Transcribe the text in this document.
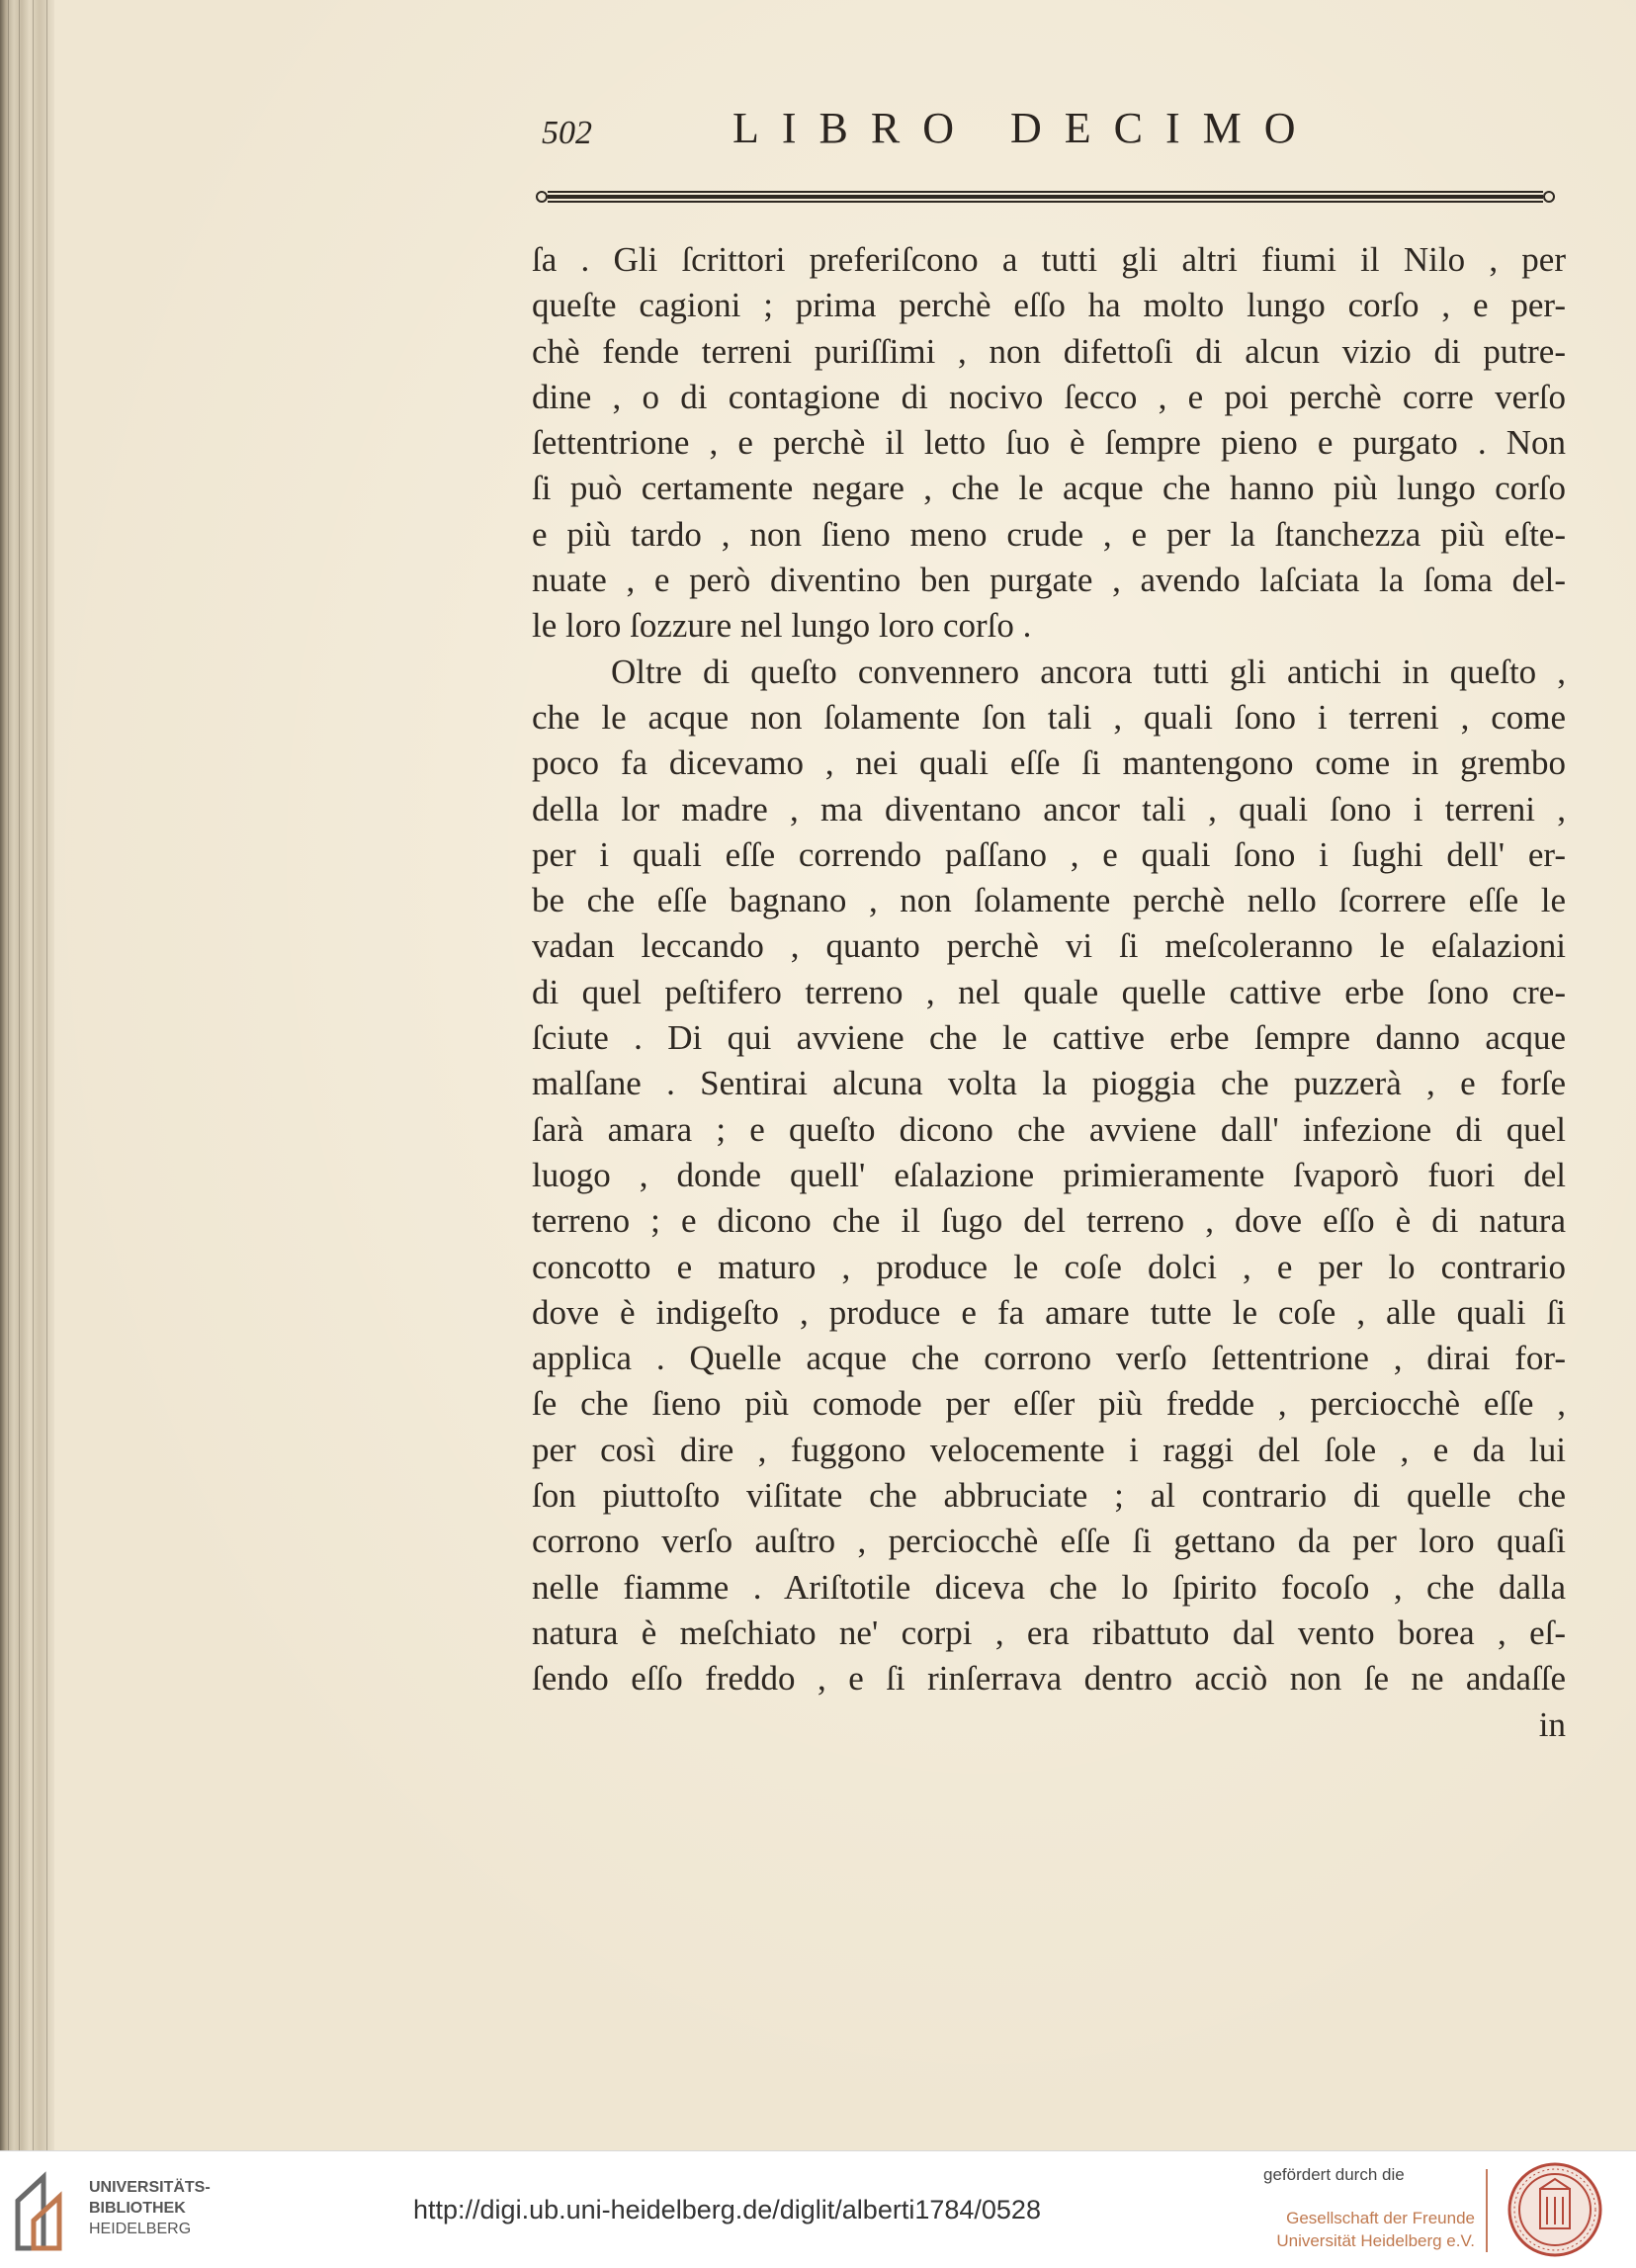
502	LIBRO DECIMO
ſa . Gli ſcrittori preferiſcono a tutti gli altri fiumi il Nilo , per
queſte cagioni ; prima perchè eſſo ha molto lungo corſo , e per-
chè fende terreni puriſſimi , non difettoſi di alcun vizio di putre-
dine , o di contagione di nocivo ſecco , e poi perchè corre verſo
ſettentrione , e perchè il letto ſuo è ſempre pieno e purgato . Non
ſi può certamente negare , che le acque che hanno più lungo corſo
e più tardo , non ſieno meno crude , e per la ſtanchezza più eſte-
nuate , e però diventino ben purgate , avendo laſciata la ſoma del-
le loro ſozzure nel lungo loro corſo .
Oltre di queſto convennero ancora tutti gli antichi in queſto ,
che le acque non ſolamente ſon tali , quali ſono i terreni , come
poco fa dicevamo , nei quali eſſe ſi mantengono come in grembo
della lor madre , ma diventano ancor tali , quali ſono i terreni ,
per i quali eſſe correndo paſſano , e quali ſono i ſughi dell' er-
be che eſſe bagnano , non ſolamente perchè nello ſcorrere eſſe le
vadan leccando , quanto perchè vi ſi meſcoleranno le eſalazioni
di quel peſtifero terreno , nel quale quelle cattive erbe ſono cre-
ſciute . Di qui avviene che le cattive erbe ſempre danno acque
malſane . Sentirai alcuna volta la pioggia che puzzerà , e forſe
ſarà amara ; e queſto dicono che avviene dall' infezione di quel
luogo , donde quell' eſalazione primieramente ſvaporò fuori del
terreno ; e dicono che il ſugo del terreno , dove eſſo è di natura
concotto e maturo , produce le coſe dolci , e per lo contrario
dove è indigeſto , produce e fa amare tutte le coſe , alle quali ſi
applica . Quelle acque che corrono verſo ſettentrione , dirai for-
ſe che ſieno più comode per eſſer più fredde , perciocchè eſſe ,
per così dire , fuggono velocemente i raggi del ſole , e da lui
ſon piuttoſto viſitate che abbruciate ; al contrario di quelle che
corrono verſo auſtro , perciocchè eſſe ſi gettano da per loro quaſi
nelle fiamme . Ariſtotile diceva che lo ſpirito focoſo , che dalla
natura è meſchiato ne' corpi , era ribattuto dal vento borea , eſ-
ſendo eſſo freddo , e ſi rinſerrava dentro acciò non ſe ne andaſſe
in
UNIVERSITÄTS-
BIBLIOTHEK
HEIDELBERG
http://digi.ub.uni-heidelberg.de/diglit/alberti1784/0528
gefördert durch die
Gesellschaft der Freunde
Universität Heidelberg e.V.
